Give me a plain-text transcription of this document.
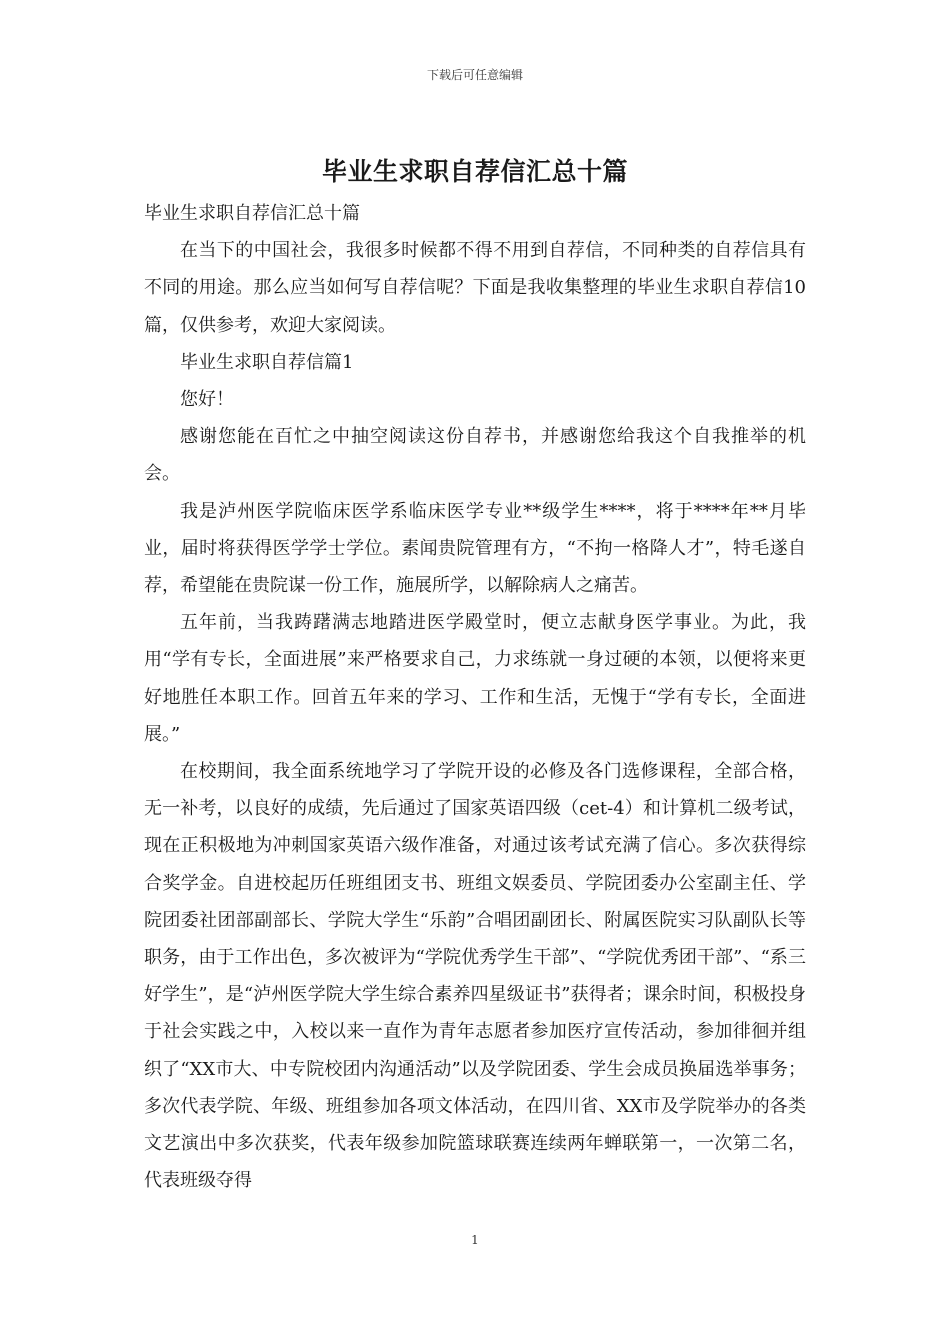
下载后可任意编辑
毕业生求职自荐信汇总十篇

毕业生求职自荐信汇总十篇

在当下的中国社会，我很多时候都不得不用到自荐信，不同种类的自荐信具有不同的用途。那么应当如何写自荐信呢？下面是我收集整理的毕业生求职自荐信10篇，仅供参考，欢迎大家阅读。

毕业生求职自荐信篇1

您好！

感谢您能在百忙之中抽空阅读这份自荐书，并感谢您给我这个自我推举的机会。

我是泸州医学院临床医学系临床医学专业**级学生****，将于****年**月毕业，届时将获得医学学士学位。素闻贵院管理有方，“不拘一格降人才”，特毛遂自荐，希望能在贵院谋一份工作，施展所学，以解除病人之痛苦。

五年前，当我踌躇满志地踏进医学殿堂时，便立志献身医学事业。为此，我用“学有专长，全面进展”来严格要求自己，力求练就一身过硬的本领，以便将来更好地胜任本职工作。回首五年来的学习、工作和生活，无愧于“学有专长，全面进展。”

在校期间，我全面系统地学习了学院开设的必修及各门选修课程，全部合格，无一补考，以良好的成绩，先后通过了国家英语四级（cet-4）和计算机二级考试，现在正积极地为冲刺国家英语六级作准备，对通过该考试充满了信心。多次获得综合奖学金。自进校起历任班组团支书、班组文娱委员、学院团委办公室副主任、学院团委社团部副部长、学院大学生“乐韵”合唱团副团长、附属医院实习队副队长等职务，由于工作出色，多次被评为“学院优秀学生干部”、“学院优秀团干部”、“系三好学生”，是“泸州医学院大学生综合素养四星级证书”获得者；课余时间，积极投身于社会实践之中，入校以来一直作为青年志愿者参加医疗宣传活动，参加徘徊并组织了“XX市大、中专院校团内沟通活动”以及学院团委、学生会成员换届选举事务；多次代表学院、年级、班组参加各项文体活动，在四川省、XX市及学院举办的各类文艺演出中多次获奖，代表年级参加院篮球联赛连续两年蝉联第一，一次第二名，代表班级夺得

1
